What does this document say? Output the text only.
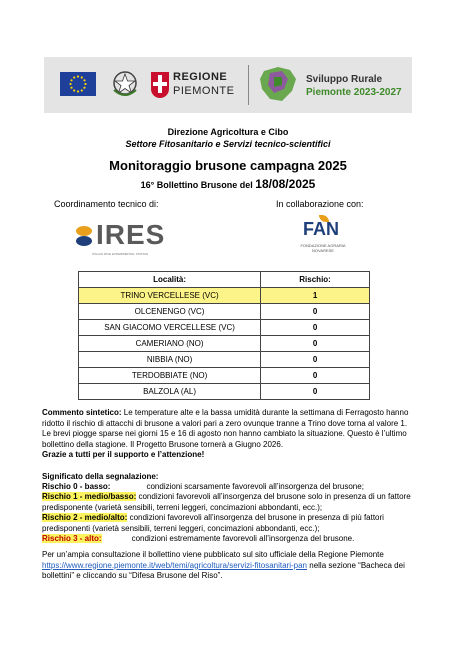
REGIONE
PIEMONTE
Sviluppo Rurale
Piemonte 2023-2027
Direzione Agricoltura e Cibo
Settore Fitosanitario e Servizi tecnico-scientifici
Monitoraggio brusone campagna 2025
16° Bollettino Brusone del 18/08/2025
Coordinamento tecnico di:	In collaborazione con:
IRES
ITALIAN RICE EXPERIMENTAL STATION
FAN
FONDAZIONE AGRARIA
NOVARESE
Località:	Rischio:
TRINO VERCELLESE (VC)	1
OLCENENGO (VC)	0
SAN GIACOMO VERCELLESE (VC)	0
CAMERIANO (NO)	0
NIBBIA (NO)	0
TERDOBBIATE (NO)	0
BALZOLA (AL)	0
Commento sintetico: Le temperature alte e la bassa umidità durante la settimana di Ferragosto hanno ridotto il rischio di attacchi di brusone a valori pari a zero ovunque tranne a Trino dove torna al valore 1. Le brevi piogge sparse nei giorni 15 e 16 di agosto non hanno cambiato la situazione. Questo è l’ultimo bollettino della stagione. Il Progetto Brusone tornerà a Giugno 2026.
Grazie a tutti per il supporto e l’attenzione!
Significato della segnalazione:
Rischio 0 - basso:	condizioni scarsamente favorevoli all’insorgenza del brusone;
Rischio 1 - medio/basso: condizioni favorevoli all’insorgenza del brusone solo in presenza di un fattore predisponente (varietà sensibili, terreni leggeri, concimazioni abbondanti, ecc.);
Rischio 2 - medio/alto: condizioni favorevoli all’insorgenza del brusone in presenza di più fattori predisponenti (varietà sensibili, terreni leggeri, concimazioni abbondanti, ecc.);
Rischio 3 - alto:	condizioni estremamente favorevoli all’insorgenza del brusone.
Per un’ampia consultazione il bollettino viene pubblicato sul sito ufficiale della Regione Piemonte https://www.regione.piemonte.it/web/temi/agricoltura/servizi-fitosanitari-pan nella sezione “Bacheca dei bollettini” e cliccando su “Difesa Brusone del Riso”.
